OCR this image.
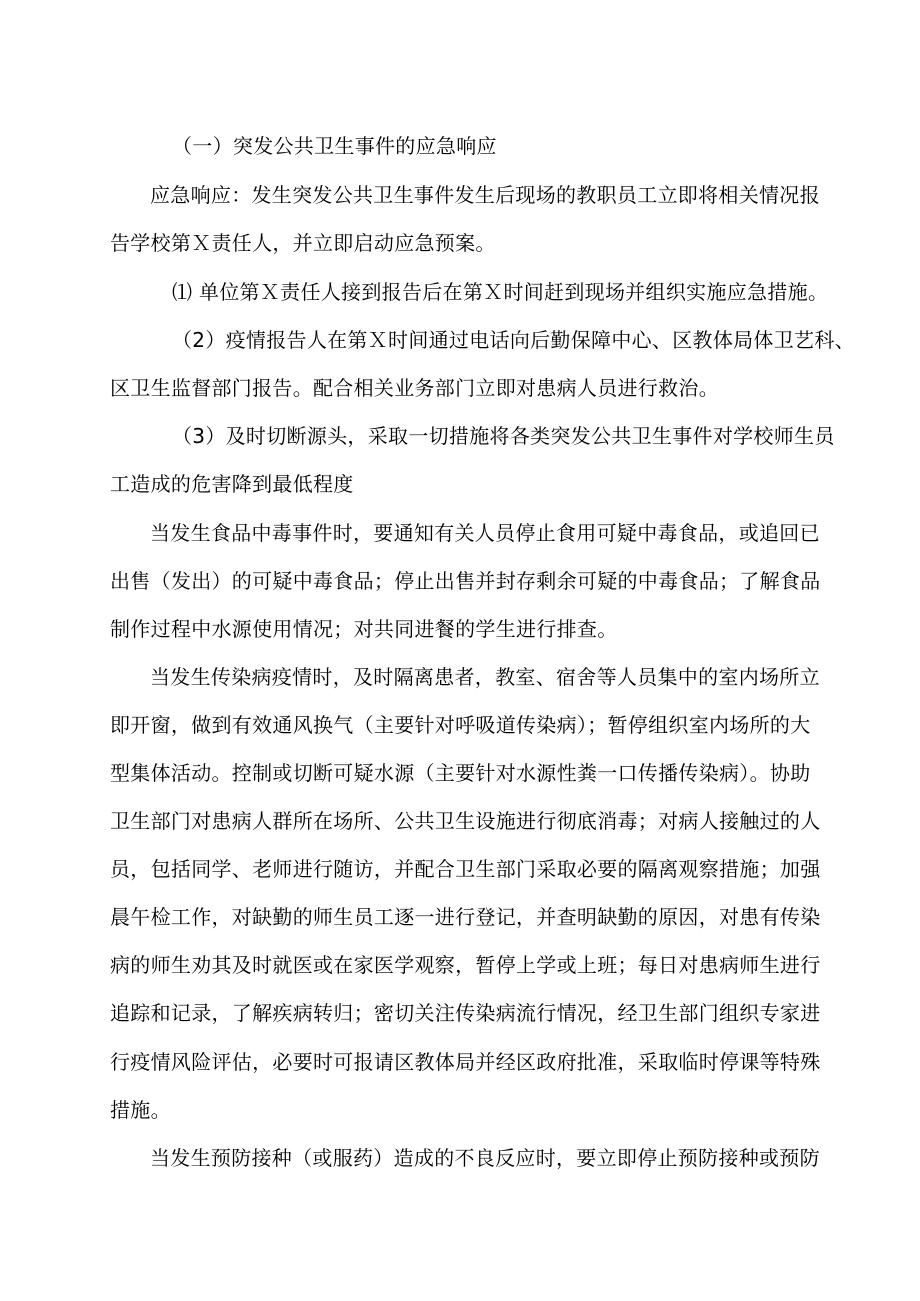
（一）突发公共卫生事件的应急响应
应急响应：发生突发公共卫生事件发生后现场的教职员工立即将相关情况报
告学校第Ｘ责任人，并立即启动应急预案。
⑴ 单位第Ｘ责任人接到报告后在第Ｘ时间赶到现场并组织实施应急措施。
（2）疫情报告人在第Ｘ时间通过电话向后勤保障中心、区教体局体卫艺科、
区卫生监督部门报告。配合相关业务部门立即对患病人员进行救治。
（3）及时切断源头，采取一切措施将各类突发公共卫生事件对学校师生员
工造成的危害降到最低程度
当发生食品中毒事件时，要通知有关人员停止食用可疑中毒食品，或追回已
出售（发出）的可疑中毒食品；停止出售并封存剩余可疑的中毒食品；了解食品
制作过程中水源使用情况；对共同进餐的学生进行排查。
当发生传染病疫情时，及时隔离患者，教室、宿舍等人员集中的室内场所立
即开窗，做到有效通风换气（主要针对呼吸道传染病）；暂停组织室内场所的大
型集体活动。控制或切断可疑水源（主要针对水源性粪一口传播传染病）。协助
卫生部门对患病人群所在场所、公共卫生设施进行彻底消毒；对病人接触过的人
员，包括同学、老师进行随访，并配合卫生部门采取必要的隔离观察措施；加强
晨午检工作，对缺勤的师生员工逐一进行登记，并查明缺勤的原因，对患有传染
病的师生劝其及时就医或在家医学观察，暂停上学或上班；每日对患病师生进行
追踪和记录，了解疾病转归；密切关注传染病流行情况，经卫生部门组织专家进
行疫情风险评估，必要时可报请区教体局并经区政府批准，采取临时停课等特殊
措施。
当发生预防接种（或服药）造成的不良反应时，要立即停止预防接种或预防
